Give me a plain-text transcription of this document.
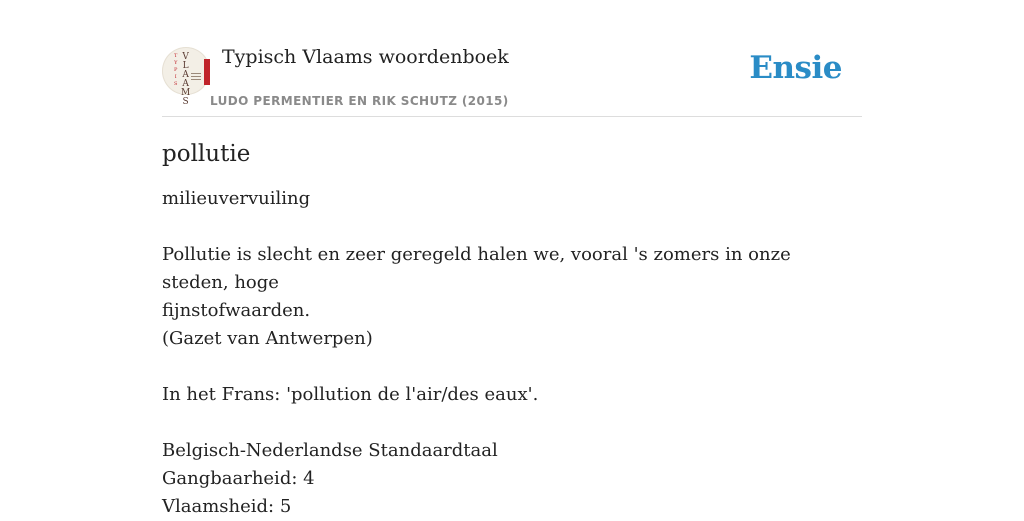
T
Y
P
I
S
V
L
A
A
M
S
Typisch Vlaams woordenboek
LUDO PERMENTIER EN RIK SCHUTZ (2015)
Ensie
pollutie

milieuvervuiling

Pollutie is slecht en zeer geregeld halen we, vooral 's zomers in onze steden, hoge

fijnstofwaarden.

(Gazet van Antwerpen)

In het Frans: 'pollution de l'air/des eaux'.

Belgisch-Nederlandse Standaardtaal

Gangbaarheid: 4

Vlaamsheid: 5
